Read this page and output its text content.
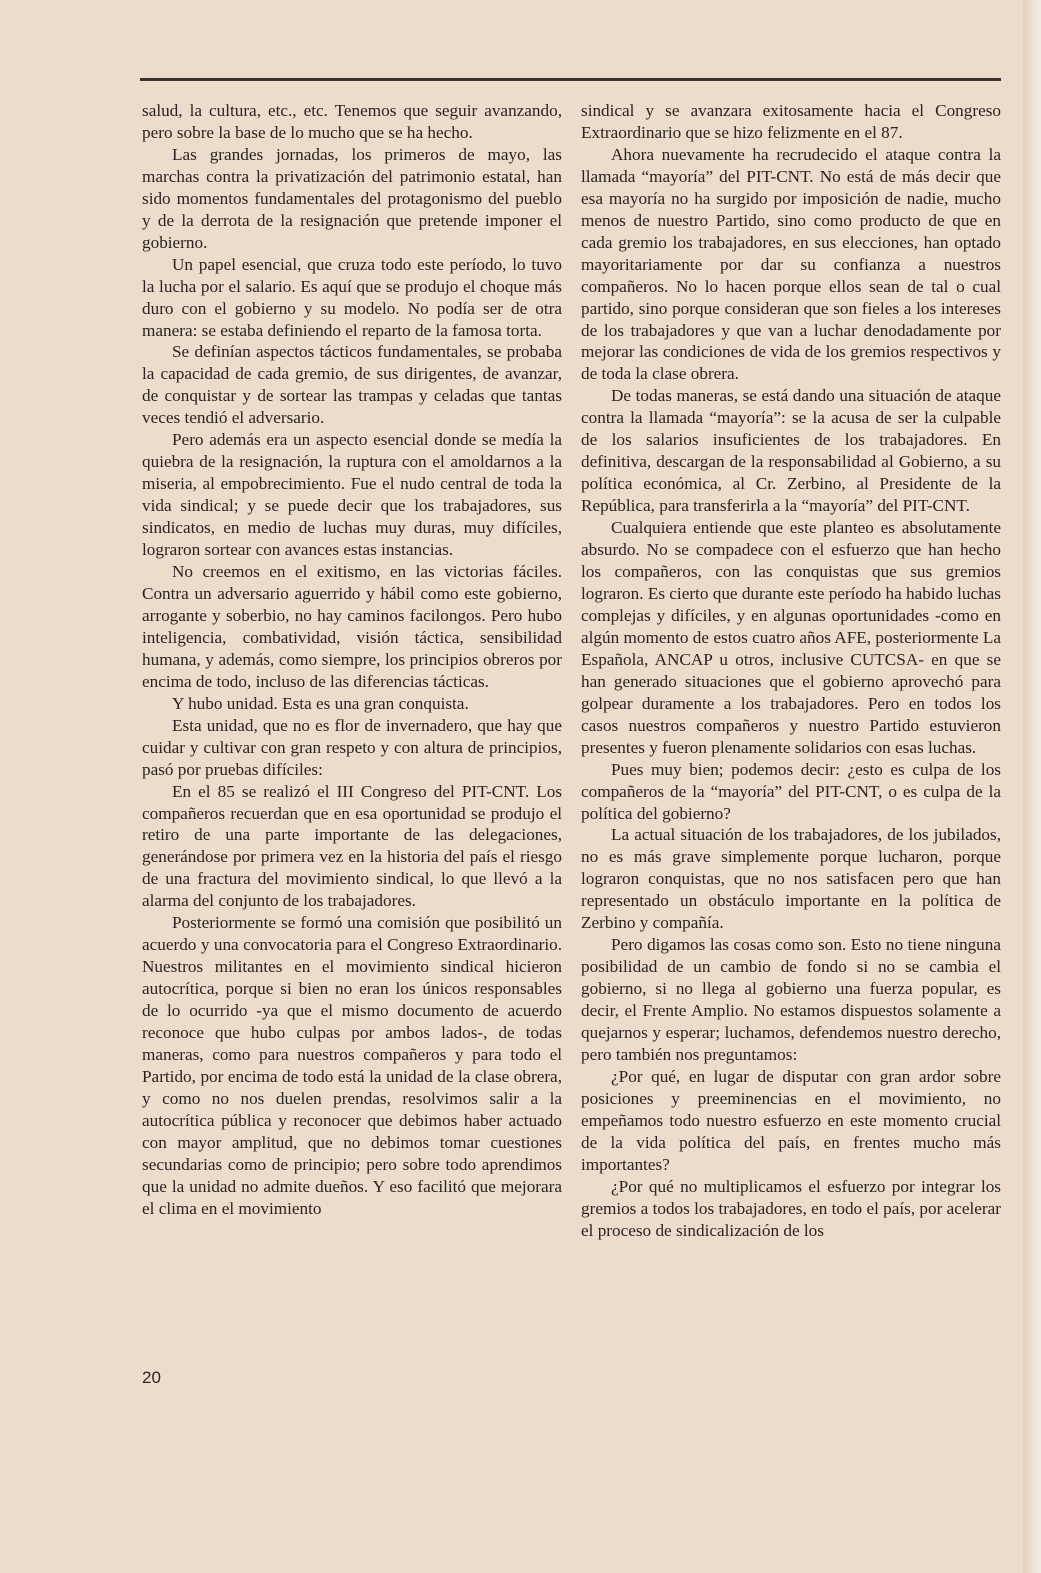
salud, la cultura, etc., etc. Tenemos que seguir avanzando, pero sobre la base de lo mucho que se ha hecho.

Las grandes jornadas, los primeros de mayo, las marchas contra la privatización del patrimonio estatal, han sido momentos fundamentales del protagonismo del pueblo y de la derrota de la resignación que pretende imponer el gobierno.

Un papel esencial, que cruza todo este período, lo tuvo la lucha por el salario. Es aquí que se produjo el choque más duro con el gobierno y su modelo. No podía ser de otra manera: se estaba definiendo el reparto de la famosa torta.

Se definían aspectos tácticos fundamentales, se probaba la capacidad de cada gremio, de sus dirigentes, de avanzar, de conquistar y de sortear las trampas y celadas que tantas veces tendió el adversario.

Pero además era un aspecto esencial donde se medía la quiebra de la resignación, la ruptura con el amoldarnos a la miseria, al empobrecimiento. Fue el nudo central de toda la vida sindical; y se puede decir que los trabajadores, sus sindicatos, en medio de luchas muy duras, muy difíciles, lograron sortear con avances estas instancias.

No creemos en el exitismo, en las victorias fáciles. Contra un adversario aguerrido y hábil como este gobierno, arrogante y soberbio, no hay caminos facilongos. Pero hubo inteligencia, combatividad, visión táctica, sensibilidad humana, y además, como siempre, los principios obreros por encima de todo, incluso de las diferencias tácticas.

Y hubo unidad. Esta es una gran conquista.

Esta unidad, que no es flor de invernadero, que hay que cuidar y cultivar con gran respeto y con altura de principios, pasó por pruebas difíciles:

En el 85 se realizó el III Congreso del PIT-CNT. Los compañeros recuerdan que en esa oportunidad se produjo el retiro de una parte importante de las delegaciones, generándose por primera vez en la historia del país el riesgo de una fractura del movimiento sindical, lo que llevó a la alarma del conjunto de los trabajadores.

Posteriormente se formó una comisión que posibilitó un acuerdo y una convocatoria para el Congreso Extraordinario. Nuestros militantes en el movimiento sindical hicieron autocrítica, porque si bien no eran los únicos responsables de lo ocurrido -ya que el mismo documento de acuerdo reconoce que hubo culpas por ambos lados-, de todas maneras, como para nuestros compañeros y para todo el Partido, por encima de todo está la unidad de la clase obrera, y como no nos duelen prendas, resolvimos salir a la autocrítica pública y reconocer que debimos haber actuado con mayor amplitud, que no debimos tomar cuestiones secundarias como de principio; pero sobre todo aprendimos que la unidad no admite dueños. Y eso facilitó que mejorara el clima en el movimiento

sindical y se avanzara exitosamente hacia el Congreso Extraordinario que se hizo felizmente en el 87.

Ahora nuevamente ha recrudecido el ataque contra la llamada “mayoría” del PIT-CNT. No está de más decir que esa mayoría no ha surgido por imposición de nadie, mucho menos de nuestro Partido, sino como producto de que en cada gremio los trabajadores, en sus elecciones, han optado mayoritariamente por dar su confianza a nuestros compañeros. No lo hacen porque ellos sean de tal o cual partido, sino porque consideran que son fieles a los intereses de los trabajadores y que van a luchar denodadamente por mejorar las condiciones de vida de los gremios respectivos y de toda la clase obrera.

De todas maneras, se está dando una situación de ataque contra la llamada “mayoría”: se la acusa de ser la culpable de los salarios insuficientes de los trabajadores. En definitiva, descargan de la responsabilidad al Gobierno, a su política económica, al Cr. Zerbino, al Presidente de la República, para transferirla a la “mayoría” del PIT-CNT.

Cualquiera entiende que este planteo es absolutamente absurdo. No se compadece con el esfuerzo que han hecho los compañeros, con las conquistas que sus gremios lograron. Es cierto que durante este período ha habido luchas complejas y difíciles, y en algunas oportunidades -como en algún momento de estos cuatro años AFE, posteriormente La Española, ANCAP u otros, inclusive CUTCSA- en que se han generado situaciones que el gobierno aprovechó para golpear duramente a los trabajadores. Pero en todos los casos nuestros compañeros y nuestro Partido estuvieron presentes y fueron plenamente solidarios con esas luchas.

Pues muy bien; podemos decir: ¿esto es culpa de los compañeros de la “mayoría” del PIT-CNT, o es culpa de la política del gobierno?

La actual situación de los trabajadores, de los jubilados, no es más grave simplemente porque lucharon, porque lograron conquistas, que no nos satisfacen pero que han representado un obstáculo importante en la política de Zerbino y compañía.

Pero digamos las cosas como son. Esto no tiene ninguna posibilidad de un cambio de fondo si no se cambia el gobierno, si no llega al gobierno una fuerza popular, es decir, el Frente Amplio. No estamos dispuestos solamente a quejarnos y esperar; luchamos, defendemos nuestro derecho, pero también nos preguntamos:

¿Por qué, en lugar de disputar con gran ardor sobre posiciones y preeminencias en el movimiento, no empeñamos todo nuestro esfuerzo en este momento crucial de la vida política del país, en frentes mucho más importantes?

¿Por qué no multiplicamos el esfuerzo por integrar los gremios a todos los trabajadores, en todo el país, por acelerar el proceso de sindicalización de los

20
